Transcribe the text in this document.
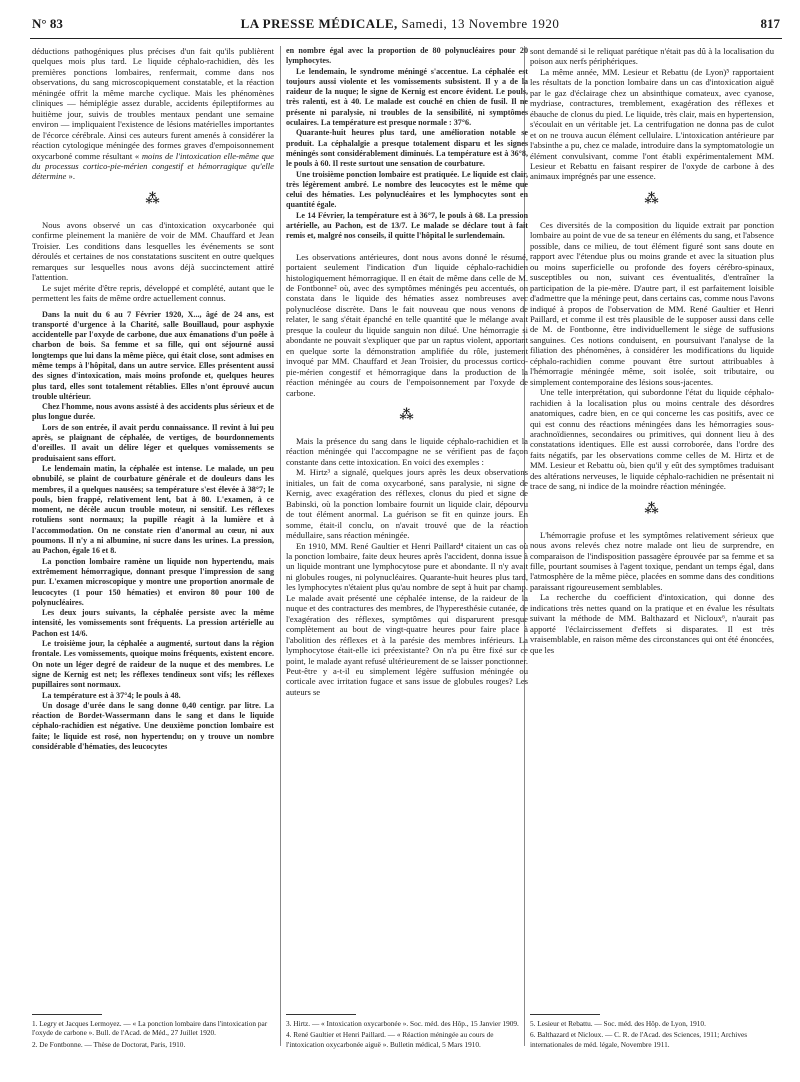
N° 83	LA PRESSE MÉDICALE, Samedi, 13 Novembre 1920	817

déductions pathogéniques plus précises d'un fait qu'ils publièrent quelques mois plus tard. Le liquide céphalo-rachidien, dès les premières ponctions lombaires, renfermait, comme dans nos observations, du sang microscopiquement constatable, et la réaction méningée offrit la même marche cyclique. Mais les phénomènes cliniques — hémiplégie assez durable, accidents épileptiformes au huitième jour, suivis de troubles mentaux pendant une semaine environ — impliquaient l'existence de lésions matérielles importantes de l'écorce cérébrale. Ainsi ces auteurs furent amenés à considérer la réaction cytologique méningée des formes graves d'empoisonnement oxycarboné comme résultant « moins de l'intoxication elle-même que du processus cortico-pie-mérien congestif et hémorragique qu'elle détermine ».

⁂

Nous avons observé un cas d'intoxication oxycarbonée qui confirme pleinement la manière de voir de MM. Chauffard et Jean Troisier. Les conditions dans lesquelles les événements se sont déroulés et certaines de nos constatations suscitent en outre quelques remarques sur lesquelles nous avons déjà succinctement attiré l'attention.

Le sujet mérite d'être repris, développé et complété, autant que le permettent les faits de même ordre actuellement connus.

Dans la nuit du 6 au 7 Février 1920, X..., âgé de 24 ans, est transporté d'urgence à la Charité, salle Bouillaud, pour asphyxie accidentelle par l'oxyde de carbone, due aux émanations d'un poêle à charbon de bois. Sa femme et sa fille, qui ont séjourné aussi longtemps que lui dans la même pièce, qui était close, sont admises en même temps à l'hôpital, dans un autre service. Elles présentent aussi des signes d'intoxication, mais moins profonde et, quelques heures plus tard, elles sont totalement rétablies. Elles n'ont éprouvé aucun trouble ultérieur.

Chez l'homme, nous avons assisté à des accidents plus sérieux et de plus longue durée.

Lors de son entrée, il avait perdu connaissance. Il revint à lui peu après, se plaignant de céphalée, de vertiges, de bourdonnements d'oreilles. Il avait un délire léger et quelques vomissements se produisaient sans effort.

Le lendemain matin, la céphalée est intense. Le malade, un peu obnubilé, se plaint de courbature générale et de douleurs dans les membres, il a quelques nausées; sa température s'est élevée à 38°7; le pouls, bien frappé, relativement lent, bat à 80. L'examen, à ce moment, ne décèle aucun trouble moteur, ni sensitif. Les réflexes rotuliens sont normaux; la pupille réagit à la lumière et à l'accommodation. On ne constate rien d'anormal au cœur, ni aux poumons. Il n'y a ni albumine, ni sucre dans les urines. La pression, au Pachon, égale 16 et 8.

La ponction lombaire ramène un liquide non hypertendu, mais extrêmement hémorragique, donnant presque l'impression de sang pur. L'examen microscopique y montre une proportion anormale de leucocytes (1 pour 150 hématies) et environ 80 pour 100 de polynucléaires.

Les deux jours suivants, la céphalée persiste avec la même intensité, les vomissements sont fréquents. La pression artérielle au Pachon est 14/6.

Le troisième jour, la céphalée a augmenté, surtout dans la région frontale. Les vomissements, quoique moins fréquents, existent encore. On note un léger degré de raideur de la nuque et des membres. Le signe de Kernig est net; les réflexes tendineux sont vifs; les réflexes pupillaires sont normaux.

La température est à 37°4; le pouls à 48.

Un dosage d'urée dans le sang donne 0,40 centigr. par litre. La réaction de Bordet-Wassermann dans le sang et dans le liquide céphalo-rachidien est négative. Une deuxième ponction lombaire est faite; le liquide est rosé, non hypertendu; on y trouve un nombre considérable d'hématies, des leucocytes

en nombre égal avec la proportion de 80 polynucléaires pour 20 lymphocytes.

Le lendemain, le syndrome méningé s'accentue. La céphalée est toujours aussi violente et les vomissements subsistent. Il y a de la raideur de la nuque; le signe de Kernig est encore évident. Le pouls, très ralenti, est à 40. Le malade est couché en chien de fusil. Il ne présente ni paralysie, ni troubles de la sensibilité, ni symptômes oculaires. La température est presque normale : 37°6.

Quarante-huit heures plus tard, une amélioration notable se produit. La céphalalgie a presque totalement disparu et les signes méningés sont considérablement diminués. La température est à 36°8, le pouls à 60. Il reste surtout une sensation de courbature.

Une troisième ponction lombaire est pratiquée. Le liquide est clair, très légèrement ambré. Le nombre des leucocytes est le même que celui des hématies. Les polynucléaires et les lymphocytes sont en quantité égale.

Le 14 Février, la température est à 36°7, le pouls à 68. La pression artérielle, au Pachon, est de 13/7. Le malade se déclare tout à fait remis et, malgré nos conseils, il quitte l'hôpital le surlendemain.

Les observations antérieures, dont nous avons donné le résumé, portaient seulement l'indication d'un liquide céphalo-rachidien histologiquement hémorragique. Il en était de même dans celle de M. de Fontbonne² où, avec des symptômes méningés peu accentués, on constata dans le liquide des hématies assez nombreuses avec polynucléose discrète. Dans le fait nouveau que nous venons de relater, le sang s'était épanché en telle quantité que le mélange avait presque la couleur du liquide sanguin non dilué. Une hémorragie si abondante ne pouvait s'expliquer que par un raptus violent, apportant en quelque sorte la démonstration amplifiée du rôle, justement invoqué par MM. Chauffard et Jean Troisier, du processus cortico-pie-mérien congestif et hémorragique dans la production de la réaction méningée au cours de l'empoisonnement par l'oxyde de carbone.

⁂

Mais la présence du sang dans le liquide céphalo-rachidien et la réaction méningée qui l'accompagne ne se vérifient pas de façon constante dans cette intoxication. En voici des exemples :

M. Hirtz³ a signalé, quelques jours après les deux observations initiales, un fait de coma oxycarboné, sans paralysie, ni signe de Kernig, avec exagération des réflexes, clonus du pied et signe de Babinski, où la ponction lombaire fournit un liquide clair, dépourvu de tout élément anormal. La guérison se fit en quinze jours. En somme, était-il conclu, on n'avait trouvé que de la réaction médullaire, sans réaction méningée.

En 1910, MM. René Gaultier et Henri Paillard⁴ citaient un cas où la ponction lombaire, faite deux heures après l'accident, donna issue à un liquide montrant une lymphocytose pure et abondante. Il n'y avait ni globules rouges, ni polynucléaires. Quarante-huit heures plus tard, les lymphocytes n'étaient plus qu'au nombre de sept à huit par champ. Le malade avait présenté une céphalée intense, de la raideur de la nuque et des contractures des membres, de l'hyperesthésie cutanée, de l'exagération des réflexes, symptômes qui disparurent presque complètement au bout de vingt-quatre heures pour faire place à l'abolition des réflexes et à la parésie des membres inférieurs. La lymphocytose était-elle ici préexistante? On n'a pu être fixé sur ce point, le malade ayant refusé ultérieurement de se laisser ponctionner. Peut-être y a-t-il eu simplement légère suffusion méningée ou corticale avec irritation fugace et sans issue de globules rouges? Les auteurs se

sont demandé si le reliquat parétique n'était pas dû à la localisation du poison aux nerfs périphériques.

La même année, MM. Lesieur et Rebattu (de Lyon)⁵ rapportaient les résultats de la ponction lombaire dans un cas d'intoxication aiguë par le gaz d'éclairage chez un absinthique comateux, avec cyanose, mydriase, contractures, tremblement, exagération des réflexes et ébauche de clonus du pied. Le liquide, très clair, mais en hypertension, s'écoulait en un véritable jet. La centrifugation ne donna pas de culot et on ne trouva aucun élément cellulaire. L'intoxication antérieure par l'absinthe a pu, chez ce malade, introduire dans la symptomatologie un élément convulsivant, comme l'ont établi expérimentalement MM. Lesieur et Rebattu en faisant respirer de l'oxyde de carbone à des animaux imprégnés par une essence.

⁂

Ces diversités de la composition du liquide extrait par ponction lombaire au point de vue de sa teneur en éléments du sang, et l'absence possible, dans ce milieu, de tout élément figuré sont sans doute en rapport avec l'étendue plus ou moins grande et avec la situation plus ou moins superficielle ou profonde des foyers cérébro-spinaux, susceptibles ou non, suivant ces éventualités, d'entraîner la participation de la pie-mère. D'autre part, il est parfaitement loisible d'admettre que la méninge peut, dans certains cas, comme nous l'avons indiqué à propos de l'observation de MM. René Gaultier et Henri Paillard, et comme il est très plausible de le supposer aussi dans celle de M. de Fontbonne, être individuellement le siège de suffusions sanguines. Ces notions conduisent, en poursuivant l'analyse de la filiation des phénomènes, à considérer les modifications du liquide céphalo-rachidien comme pouvant être surtout attribuables à l'hémorragie méningée même, soit isolée, soit tributaire, ou simplement contemporaine des lésions sous-jacentes.

Une telle interprétation, qui subordonne l'état du liquide céphalo-rachidien à la localisation plus ou moins centrale des désordres anatomiques, cadre bien, en ce qui concerne les cas positifs, avec ce qui est connu des réactions méningées dans les hémorragies sous-arachnoïdiennes, secondaires ou primitives, qui donnent lieu à des constatations identiques. Elle est aussi corroborée, dans l'ordre des faits négatifs, par les observations comme celles de M. Hirtz et de MM. Lesieur et Rebattu où, bien qu'il y eût des symptômes traduisant des altérations nerveuses, le liquide céphalo-rachidien ne présentait ni trace de sang, ni indice de la moindre réaction méningée.

⁂

L'hémorragie profuse et les symptômes relativement sérieux que nous avons relevés chez notre malade ont lieu de surprendre, en comparaison de l'indisposition passagère éprouvée par sa femme et sa fille, pourtant soumises à l'agent toxique, pendant un temps égal, dans l'atmosphère de la même pièce, placées en somme dans des conditions paraissant rigoureusement semblables.

La recherche du coefficient d'intoxication, qui donne des indications très nettes quand on la pratique et en évalue les résultats suivant la méthode de MM. Balthazard et Nicloux⁶, n'aurait pas apporté l'éclaircissement d'effets si disparates. Il est très vraisemblable, en raison même des circonstances qui ont été énoncées, que les

1. Legry et Jacques Lermoyez. — « La ponction lombaire dans l'intoxication par l'oxyde de carbone ». Bull. de l'Acad. de Méd., 27 Juillet 1920.

2. De Fontbonne. — Thèse de Doctorat, Paris, 1910.

3. Hirtz. — « Intoxication oxycarbonée ». Soc. méd. des Hôp., 15 Janvier 1909.

4. René Gaultier et Henri Paillard. — « Réaction méningée au cours de l'intoxication oxycarbonée aiguë ». Bulletin médical, 5 Mars 1910.

5. Lesieur et Rebattu. — Soc. méd. des Hôp. de Lyon, 1910.

6. Balthazard et Nicloux. — C. R. de l'Acad. des Sciences, 1911; Archives internationales de méd. légale, Novembre 1911.
